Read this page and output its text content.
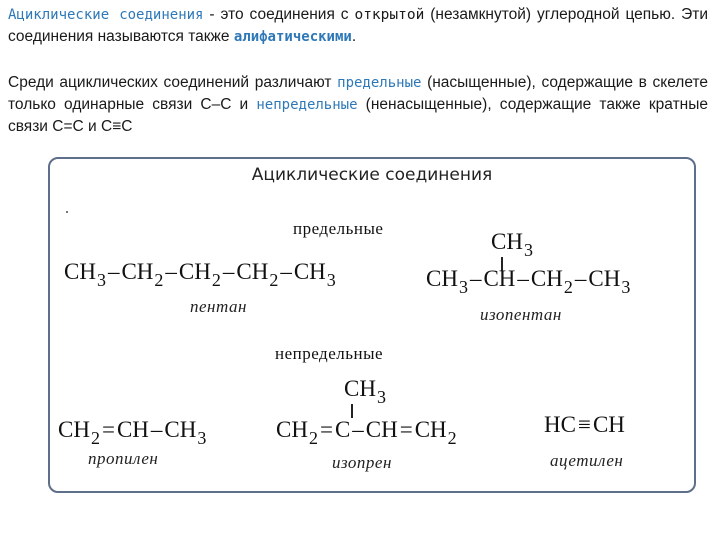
Ациклические соединения - это соединения с открытой (незамкнутой) углеродной цепью. Эти соединения называются также алифатическими.
Среди ациклических соединений различают предельные (насыщенные), содержащие в скелете только одинарные связи С–С и непредельные (ненасыщенные), содержащие также кратные связи С=С и С≡С
Ациклические соединения
предельные
$CH_3-CH_2-CH_2-CH_2-CH_3$
пентан
$CH_3$
$CH_3-CH-CH_2-CH_3$
изопентан
непредельные
$CH_2=CH-CH_3$
пропилен
$CH_3$
$CH_2=C-CH=CH_2$
изопрен
HC≡CH
ацетилен
